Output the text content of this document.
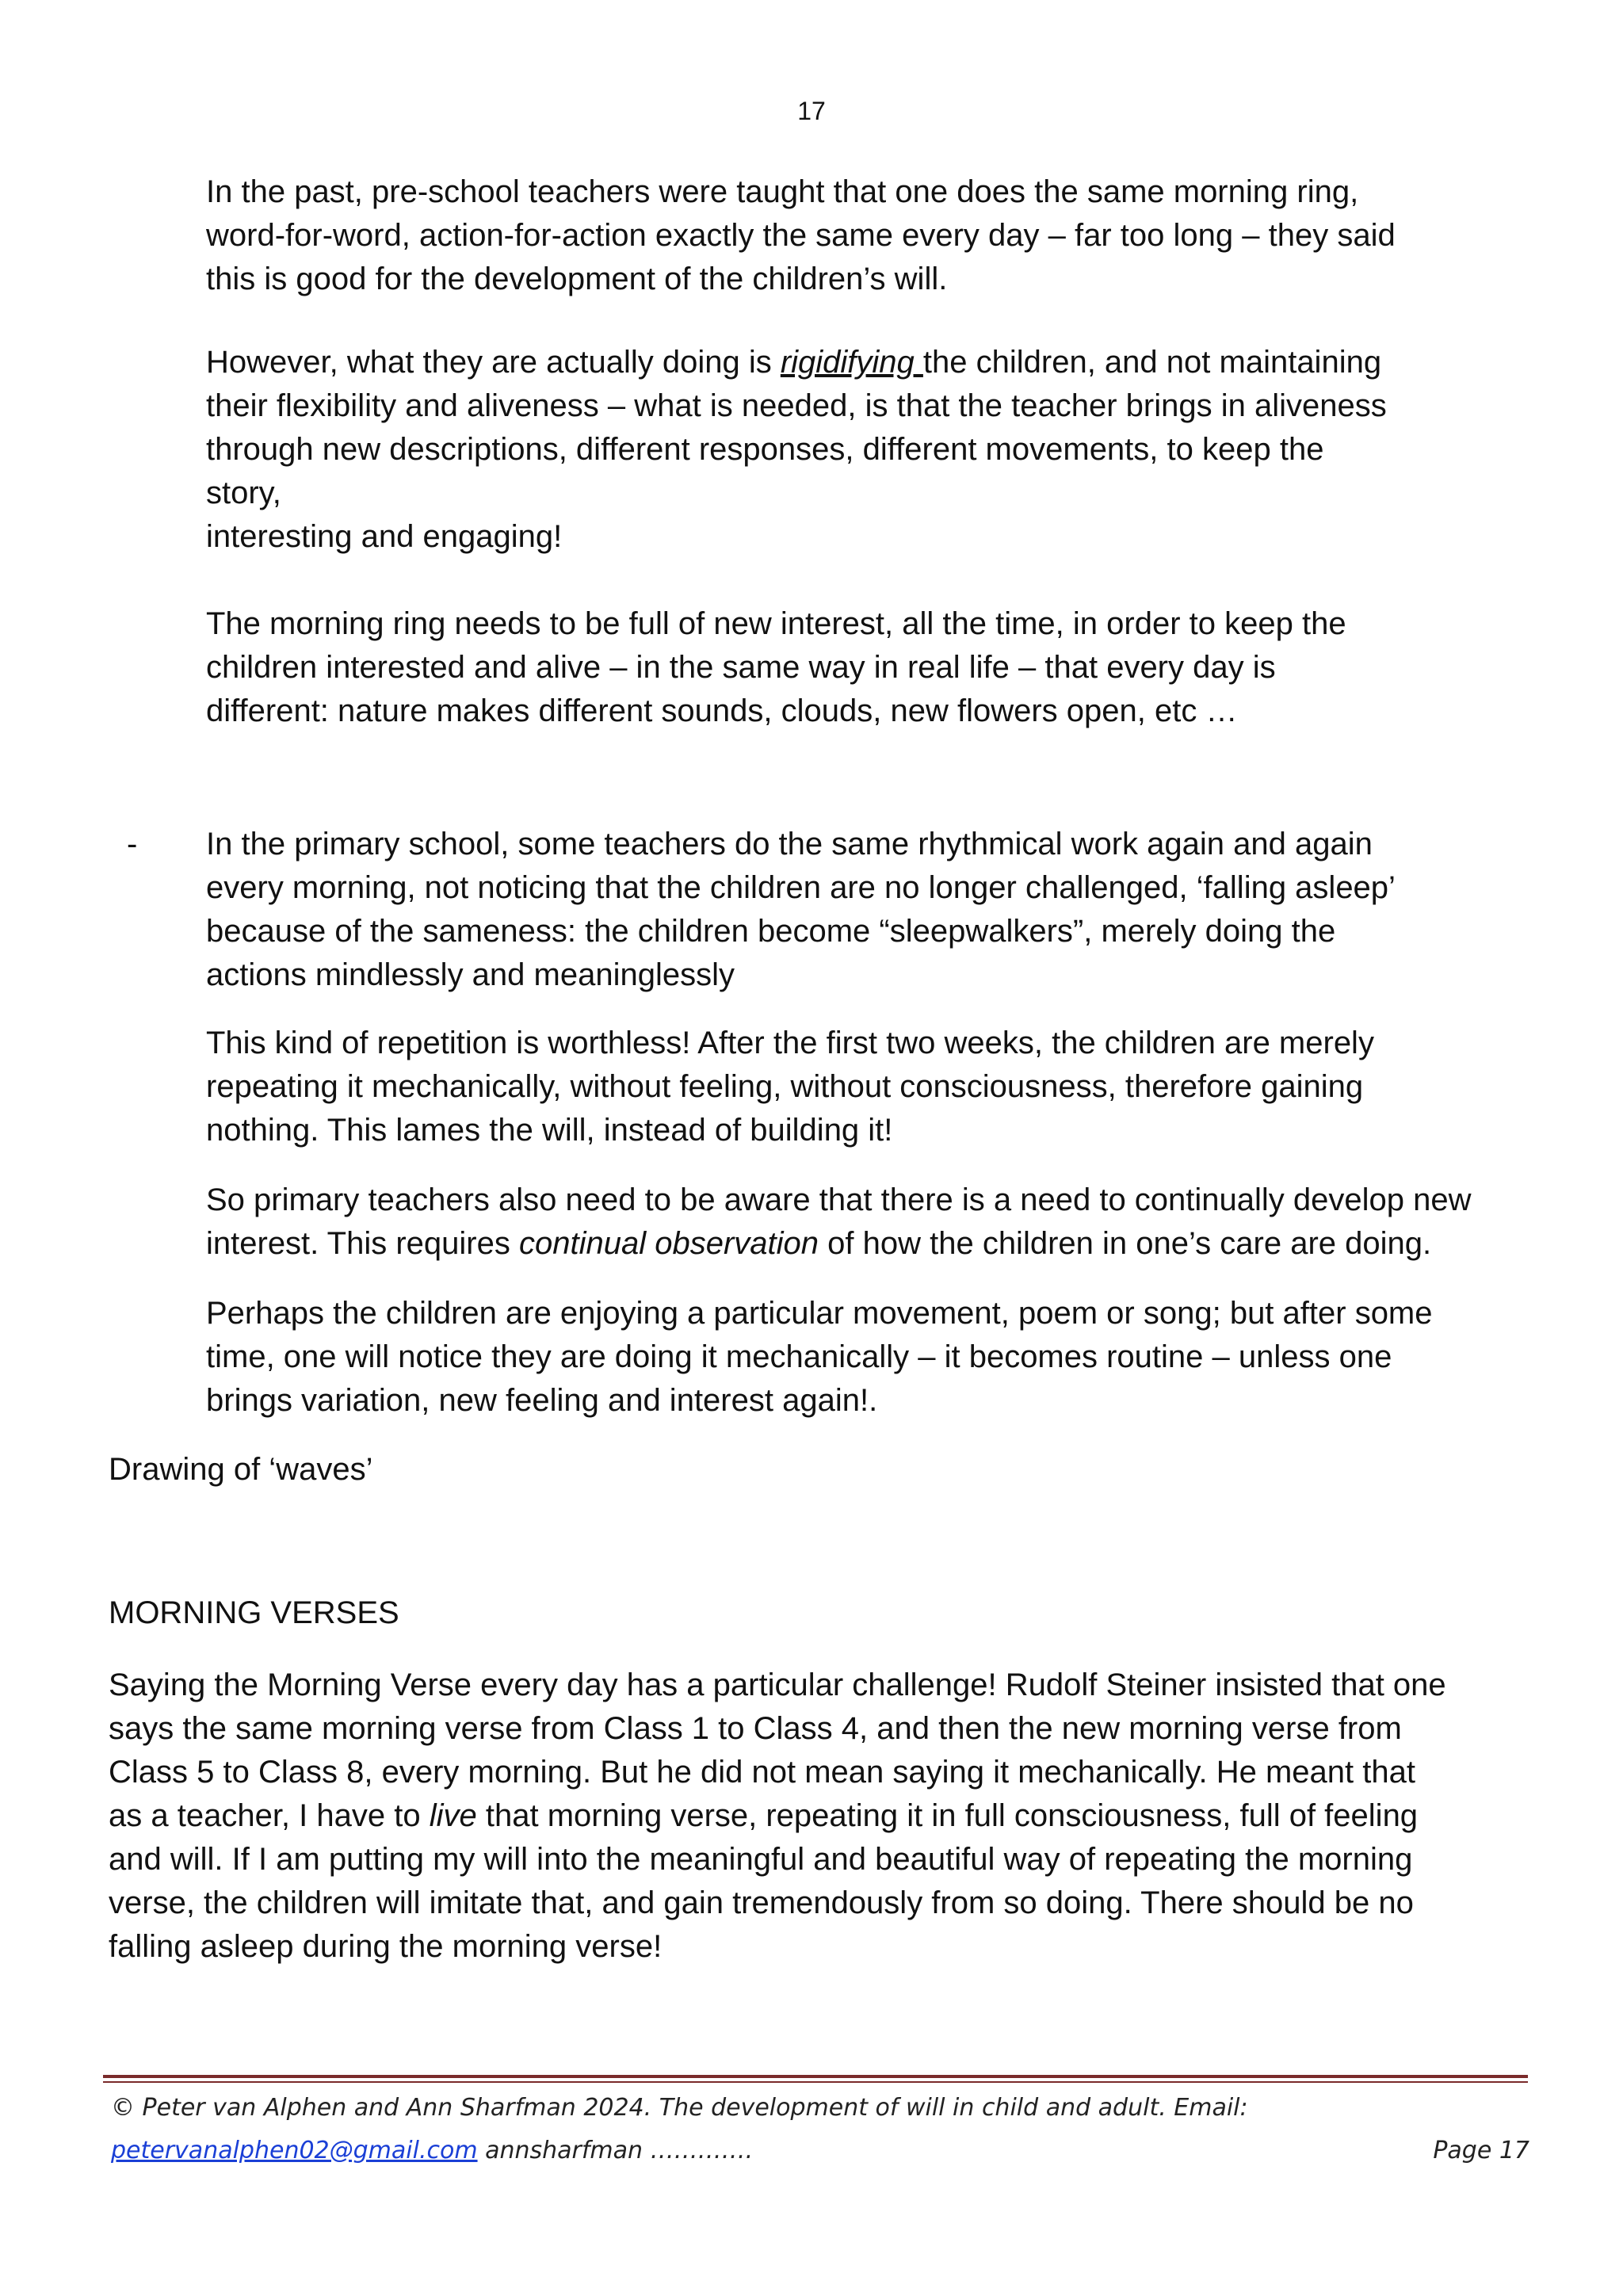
17

In the past, pre-school teachers were taught that one does the same morning ring,

word-for-word, action-for-action exactly the same every day – far too long – they said

this is good for the development of the children’s will.

However, what they are actually doing is rigidifying the children, and not maintaining

their flexibility and aliveness – what is needed, is that the teacher brings in aliveness

through new descriptions, different responses, different movements, to keep the

story,

interesting and engaging!

The morning ring needs to be full of new interest, all the time, in order to keep the

children interested and alive – in the same way in real life – that every day is

different: nature makes different sounds, clouds, new flowers open, etc …

- In the primary school, some teachers do the same rhythmical work again and again

every morning, not noticing that the children are no longer challenged, ‘falling asleep’

because of the sameness: the children become “sleepwalkers”, merely doing the

actions mindlessly and meaninglessly

This kind of repetition is worthless! After the first two weeks, the children are merely

repeating it mechanically, without feeling, without consciousness, therefore gaining

nothing. This lames the will, instead of building it!

So primary teachers also need to be aware that there is a need to continually develop new

interest. This requires continual observation of how the children in one’s care are doing.

Perhaps the children are enjoying a particular movement, poem or song; but after some

time, one will notice they are doing it mechanically – it becomes routine – unless one

brings variation, new feeling and interest again!.

Drawing of ‘waves’
MORNING VERSES

Saying the Morning Verse every day has a particular challenge! Rudolf Steiner insisted that one

says the same morning verse from Class 1 to Class 4, and then the new morning verse from

Class 5 to Class 8, every morning. But he did not mean saying it mechanically. He meant that

as a teacher, I have to live that morning verse, repeating it in full consciousness, full of feeling

and will. If I am putting my will into the meaningful and beautiful way of repeating the morning

verse, the children will imitate that, and gain tremendously from so doing. There should be no

falling asleep during the morning verse!

© Peter van Alphen and Ann Sharfman 2024. The development of will in child and adult. Email:
petervanalphen02@gmail.com annsharfman ………….	Page 17
